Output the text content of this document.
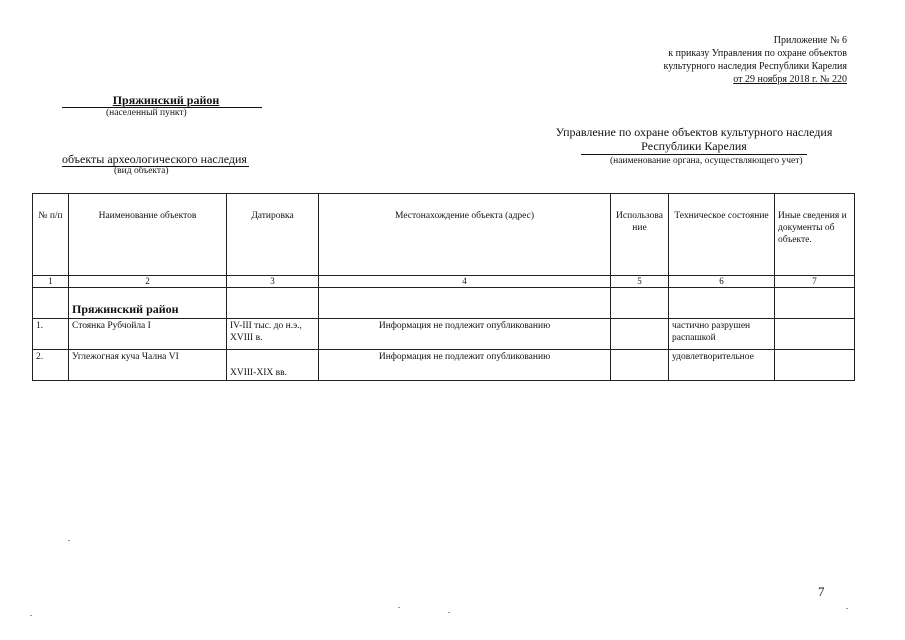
Приложение № 6
к приказу Управления по охране объектов
культурного наследия Республики Карелия
от 29 ноября 2018 г. № 220
Пряжинский район
(населенный пункт)
Управление по охране объектов культурного наследия
Республики Карелия
(наименование органа, осуществляющего учет)
объекты археологического наследия
(вид объекта)
№ п/п	Наименование объектов	Датировка	Местонахождение объекта (адрес)	Использова ние	Техническое состояние	Иные сведения и документы об объекте.
1	2	3	4	5	6	7

	Пряжинский район					

1.	Стоянка Рубчойла I	IV-III тыс. до н.э., XVIII в.	Информация не подлежит опубликованию		частично разрушен распашкой	
2.	Углежогная куча Чална VI	XVIII-XIX вв.	Информация не подлежит опубликованию		удовлетворительное	
7
